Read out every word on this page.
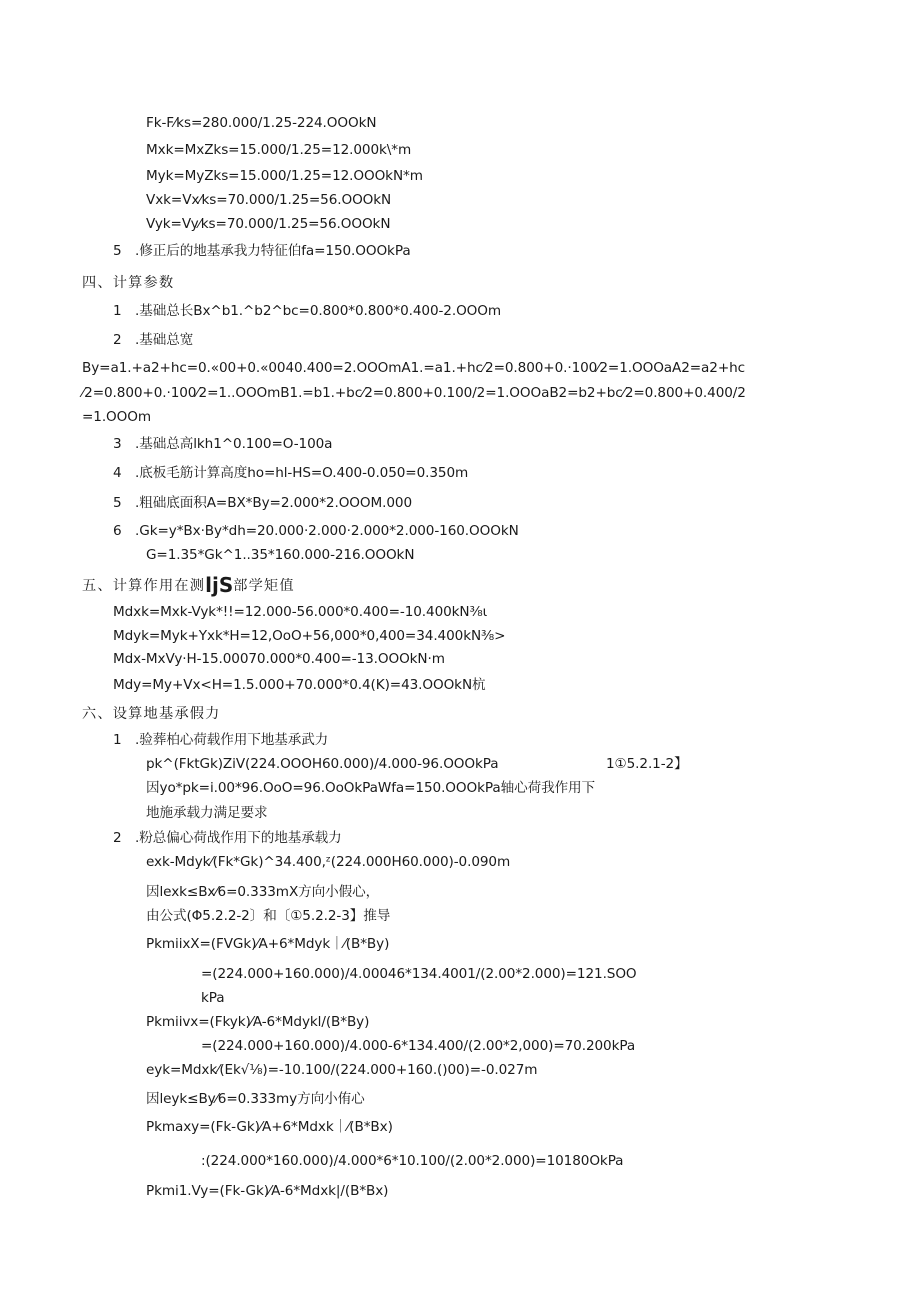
Fk-F⁄ks=280.000/1.25-224.OOOkN
Mxk=MxZks=15.000/1.25=12.000k\*m
Myk=MyZks=15.000/1.25=12.OOOkN*m
Vxk=Vx⁄ks=70.000/1.25=56.OOOkN
Vyk=Vy⁄ks=70.000/1.25=56.OOOkN
5　.修正后的地基承我力特征伯fa=150.OOOkPa
四、计算参数
1　.基础总长Bx^b1.^b2^bc=0.800*0.800*0.400-2.OOOm
2　.基础总宽
By=a1.+a2+hc=0.«00+0.«0040.400=2.OOOmA1.=a1.+hc⁄2=0.800+0.·100⁄2=1.OOOaA2=a2+hc
⁄2=0.800+0.·100⁄2=1..OOOmB1.=b1.+bc⁄2=0.800+0.100/2=1.OOOaB2=b2+bc⁄2=0.800+0.400/2
=1.OOOm
3　.基础总高lkh1^0.100=O-100a
4　.底板毛筋计算高度ho=hl-HS=O.400-0.050=0.350m
5　.粗础底面积A=BX*By=2.000*2.OOOM.000
6　.Gk=y*Bx·By*dh=20.000·2.000·2.000*2.000-160.OOOkN
G=1.35*Gk^1..35*160.000-216.OOOkN
五、计算作用在测ljS部学矩值
Mdxk=Mxk-Vyk*!!=12.000-56.000*0.400=-10.400kN⅜ι
Mdyk=Myk+Yxk*H=12,OoO+56,000*0,400=34.400kN⅜>
Mdx-MxVy·H-15.00070.000*0.400=-13.OOOkN·m
Mdy=My+Vx<H=1.5.000+70.000*0.4(K)=43.OOOkN杭
六、设算地基承假力
1　.验葬柏心荷载作用下地基承武力
pk^(FktGk)ZiV(224.OOOH60.000)/4.000-96.OOOkPa	1①5.2.1-2】
因yo*pk=i.00*96.OoO=96.OoOkPaWfa=150.OOOkPa轴心荷我作用下
地施承载力满足要求
2　.粉总偏心荷战作用下的地基承载力
exk-Mdyk⁄(Fk*Gk)^34.400,ᶻ(224.000H60.000)-0.090m
因lexk≤Bx⁄6=0.333mX方向小假心，
由公式(Φ5.2.2-2〕和〔①5.2.2-3】推导
PkmiixX=(FVGk)⁄A+6*Mdyk｜⁄(B*By)
=(224.000+160.000)/4.00046*134.4001/(2.00*2.000)=121.SOO
kPa
Pkmiivx=(Fkyk)⁄A-6*Mdykl/(B*By)
=(224.000+160.000)/4.000-6*134.400/(2.00*2,000)=70.200kPa
eyk=Mdxk⁄(Ek√⅛)=-10.100/(224.000+160.()00)=-0.027m
因leyk≤By⁄6=0.333my方向小侑心
Pkmaxy=(Fk-Gk)⁄A+6*Mdxk｜⁄(B*Bx)
:(224.000*160.000)/4.000*6*10.100/(2.00*2.000)=10180OkPa
Pkmi1.Vy=(Fk-Gk)⁄A-6*Mdxk|/(B*Bx)
